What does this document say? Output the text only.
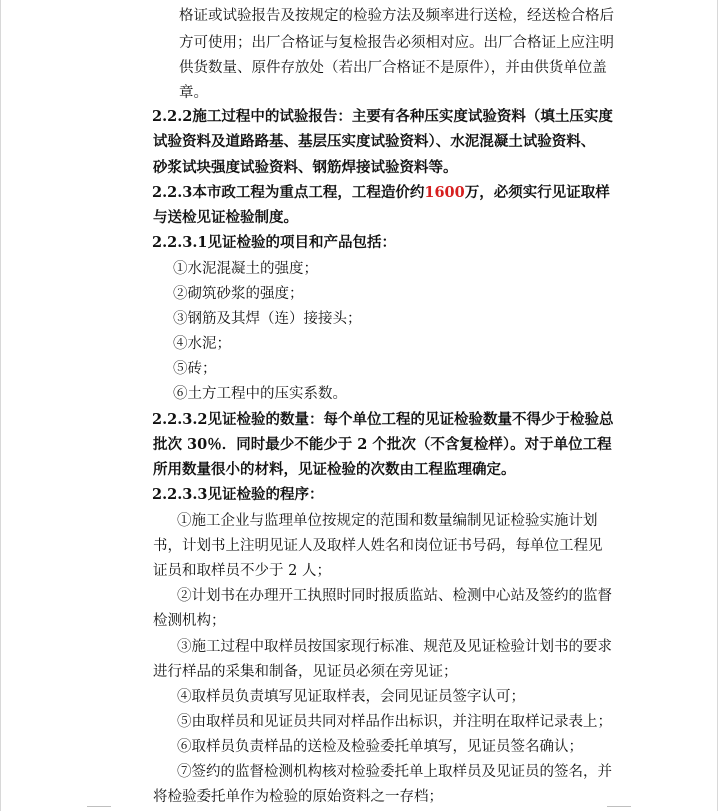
格证或试验报告及按规定的检验方法及频率进行送检，经送检合格后
方可使用；出厂合格证与复检报告必须相对应。出厂合格证上应注明
供货数量、原件存放处（若出厂合格证不是原件），并由供货单位盖
章。
2.2.2施工过程中的试验报告：主要有各种压实度试验资料（填土压实度
试验资料及道路路基、基层压实度试验资料）、水泥混凝土试验资料、
砂浆试块强度试验资料、钢筋焊接试验资料等。
2.2.3本市政工程为重点工程，工程造价约1600万，必须实行见证取样
与送检见证检验制度。
2.2.3.1见证检验的项目和产品包括：
①水泥混凝土的强度；
②砌筑砂浆的强度；
③钢筋及其焊（连）接接头；
④水泥；
⑤砖；
⑥土方工程中的压实系数。
2.2.3.2见证检验的数量：每个单位工程的见证检验数量不得少于检验总
批次 30％．同时最少不能少于 2 个批次（不含复检样）。对于单位工程
所用数量很小的材料，见证检验的次数由工程监理确定。
2.2.3.3见证检验的程序：
①施工企业与监理单位按规定的范围和数量编制见证检验实施计划
书，计划书上注明见证人及取样人姓名和岗位证书号码，每单位工程见
证员和取样员不少于 2 人；
②计划书在办理开工执照时同时报质监站、检测中心站及签约的监督
检测机构；
③施工过程中取样员按国家现行标准、规范及见证检验计划书的要求
进行样品的采集和制备，见证员必须在旁见证；
④取样员负责填写见证取样表，会同见证员签字认可；
⑤由取样员和见证员共同对样品作出标识，并注明在取样记录表上；
⑥取样员负责样品的送检及检验委托单填写，见证员签名确认；
⑦签约的监督检测机构核对检验委托单上取样员及见证员的签名，并
将检验委托单作为检验的原始资料之一存档；
